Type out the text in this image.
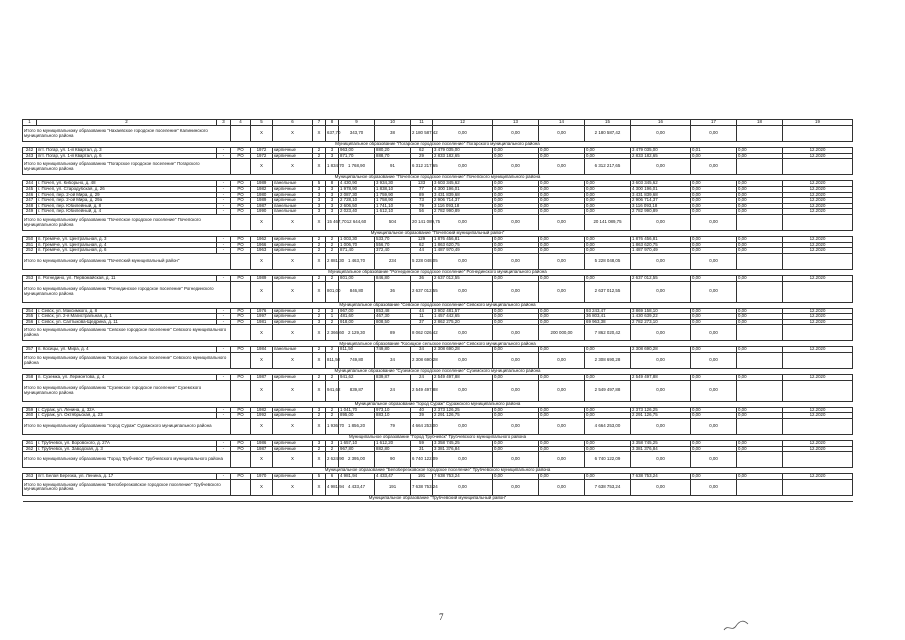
1	2	3	4	5	6	7	8	9	10	11	12	13	14	15	16	17	18	19
Итого по муниципальному образованию "Нахаевское городское поселение" Калининского муниципального района				X	X	X	637,70	343,70	38	2 180 587,42	0,00	0,00	0,00	2 180 587,42	0,00	0,00		
Муниципальное образование "Погарское городское поселение" Погарского муниципального района																		
242	пгт. Погар, ул. 1-й Квартал, д. 3	-	РО	1972	кирпичные	2	3	963,00	880,20	62	3 479 035,00	0,00	0,00	0,00	3 479 035,00	0,01	0,00	12.2020
243	пгт. Погар, ул. 1-й Квартал, д. 6	-	РО	1972	кирпичные	2	3	871,70	888,70	29	2 833 182,65	0,00	0,00	0,00	2 833 182,65	0,00	0,00	12.2020
Итого по муниципальному образованию "Погарское городское поселение" Погарского муниципального района				X	X	X	1 834,70	1 768,90	91	6 312 217,65	0,00	0,00	0,00	6 312 217,65	0,00	0,00		
Муниципальное образование "Почепское городское поселение" Почепского муниципального района																		
244	г. Почеп, ул. Киборьно, д. 48	-	РО	1989	панельные	5	8	4 430,90	3 934,30	133	3 603 345,62	0,00	0,00	0,00	3 603 345,62	0,00	0,00	12.2020
245	г. Почеп, ул. Стародубская, д. 26	-	РО	1982	кирпичные	3	3	1 978,90	1 838,10	77	4 300 196,01	0,00	0,00	0,00	4 300 196,01	0,00	0,00	12.2020
246	г. Почеп, пер. 2-ой Мира, д. 29	-	РО	1980	кирпичные	3	3	2 087,30	1 759,90	89	3 431 839,68	0,00	0,00	0,00	3 431 839,68	0,00	0,00	12.2020
247	г. Почеп, пер. 2-ой Мира, д. 29а	-	РО	1989	кирпичные	3	3	2 728,10	1 758,90	73	2 906 714,37	0,00	0,00	0,00	2 906 714,37	0,00	0,00	12.2020
248	г. Почеп, пер. Юбилейный, д. 8	-	РО	1987	панельные	3	3	2 606,50	1 741,10	79	3 116 093,18	0,00	0,00	0,00	3 116 093,18	0,00	0,00	12.2020
249	г. Почеп, пер. Юбилейный, д. 4	-	РО	1990	панельные	3	3	2 023,40	1 612,10	56	2 782 990,89	0,00	0,00	0,00	2 782 990,89	0,00	0,00	12.2020
Итого по муниципальному образованию "Почепское городское поселение" Почепского муниципального района				X	X	X	15 467,70	12 644,60	504	20 141 089,75	0,00	0,00	0,00	20 141 089,75	0,00	0,00		
Муниципальное образование "Почепский муниципальный район"																		
250	п. Гремяче, ул. Центральная, д. 3	-	РО	1962	кирпичные	2	2	1 003,30	533,70	129	1 876 456,81	0,00	0,00	0,00	1 876 456,81	0,00	0,00	12.2020
251	п. Гремяче, ул. Центральная, д. 4	-	РО	1966	кирпичные	2	2	1 006,70	556,70	62	1 863 620,75	0,00	0,00	0,00	1 863 620,75	0,00	0,00	12.2020
252	п. Гремяче, ул. Центральная, д. 6	-	РО	1963	кирпичные	2	2	871,40	372,40	44	1 487 970,49	0,00	0,00	0,00	1 487 970,49	0,00	0,00	12.2020
Итого по муниципальному образованию "Почепский муниципальный район"				X	X	X	2 881,30	1 463,70	234	5 228 048,05	0,00	0,00	0,00	5 228 048,05	0,00	0,00		
Муниципальное образование "Рогнединское городское поселение" Рогнединского муниципального района																		
253	п. Рогнедино, ул. Первомайская, д. 11	-	РО	1989	кирпичные	2	2	801,00	846,80	36	2 637 012,55	0,00	0,00	0,00	2 637 012,55	0,00	0,00	12.2020
Итого по муниципальному образованию "Рогнединское городское поселение" Рогнединского муниципального района				X	X	X	801,00	846,80	36	2 637 012,55	0,00	0,00	0,00	2 637 012,55	0,00	0,00		
Муниципальное образование "Севское городское поселение" Севского муниципального района																		
254	г. Севск, ул. Максимкого, д. 8	-	РО	1976	кирпичные	2	3	967,00	853,48	44	3 902 481,57	0,00	0,00	93 243,47	3 869 158,10	0,00	0,00	12.2020
255	г. Севск, ул. 2-я Магистральная, д. 1	-	РО	1997	кирпичные	2	1	481,60	467,30	11	1 457 442,65	0,00	0,00	36 803,41	1 430 639,22	0,00	0,00	12.2020
256	г. Севск, ул. Салтыкова-Щедрина, д. 11	-	РО	1981	кирпичные	3	2	918,00	808,50	37	2 862 275,20	0,00	0,00	69 963,38	2 782 273,10	0,00	0,00	12.2020
Итого по муниципальному образованию "Севское городское поселение" Севского муниципального района				X	X	X	2 366,60	2 129,30	89	8 062 026,42	0,00	0,00	200 000,00	7 862 020,42	0,00	0,00		
Муниципальное образование "Косицкое сельское поселение" Севского муниципального района																		
257	п. Косицы, ул. Мира, д. 4	-	РО	1984	панельные	2	2	811,50	749,80	34	2 308 690,28	0,00	0,00	0,00	2 308 690,28	0,00	0,00	12.2020
Итого по муниципальному образованию "Косицкое сельское поселение" Севского муниципального района				X	X	X	811,50	749,80	34	2 308 690,28	0,00	0,00	0,00	2 308 690,28	0,00	0,00		
Муниципальное образование "Суземское городское поселение" Суземского муниципального района																		
258	п. Суземка, ул. Лермонтова, д. 4	-	РО	1987	кирпичные	2	2	941,62	839,87	24	2 549 497,88	0,00	0,00	0,00	2 549 497,88	0,00	0,00	12.2020
Итого по муниципальному образованию "Суземское городское поселение" Суземского муниципального района				X	X	X	941,62	839,87	24	2 549 497,88	0,00	0,00	0,00	2 549 497,88	0,00	0,00		
Муниципальное образование "город Сураж" Суражского муниципального района																		
259	г. Сураж, ул. Ленина, д. 32А	-	РО	1982	кирпичные	3	2	1 041,70	973,10	40	2 373 126,25	0,00	0,00	0,00	2 373 126,25	0,00	0,00	12.2020
260	г. Сураж, ул. Октябрьская, д. 23	-	РО	1992	кирпичные	2	2	895,00	883,10	39	2 291 126,75	0,00	0,00	0,00	2 291 126,75	0,00	0,00	12.2020
Итого по муниципальному образованию "город Сураж" Суражского муниципального района				X	X	X	1 936,70	1 856,20	79	4 664 253,00	0,00	0,00	0,00	4 664 253,00	0,00	0,00		
Муниципальное образование "Город Трубчевск" Трубчевского муниципального района																		
261	г. Трубчевск, ул. Воровского, д. 27А	-	РО	1986	кирпичные	3	3	1 657,10	1 612,20	59	3 358 745,25	0,00	0,00	0,00	3 358 745,25	0,00	0,00	12.2020
262	г. Трубчевск, ул. Заводская, д. 3	-	РО	1987	кирпичные	2	2	967,80	882,80	31	3 381 376,84	0,00	0,00	0,00	3 381 376,84	0,00	0,00	12.2020
Итого по муниципальному образованию "Город Трубчевск" Трубчевского муниципального района				X	X	X	2 624,90	2 395,00	90	6 740 122,09	0,00	0,00	0,00	6 740 122,09	0,00	0,00		
Муниципальное образование "Белоберезковское городское поселение" Трубчевского муниципального района																		
263	пгт. Белая Березка, ул. Ленина, д. 17	-	РО	1970	кирпичные	5	6	4 981,94	4 433,47	191	7 638 753,24	0,00	0,00	0,00	7 638 753,24	0,00	0,00	12.2020
Итого по муниципальному образованию "Белоберезковское городское поселение" Трубчевского муниципального района				X	X	X	4 981,94	4 433,47	191	7 638 753,24	0,00	0,00	0,00	7 638 753,24	0,00	0,00		
Муниципальное образование "Трубчевский муниципальный район"																		
7
